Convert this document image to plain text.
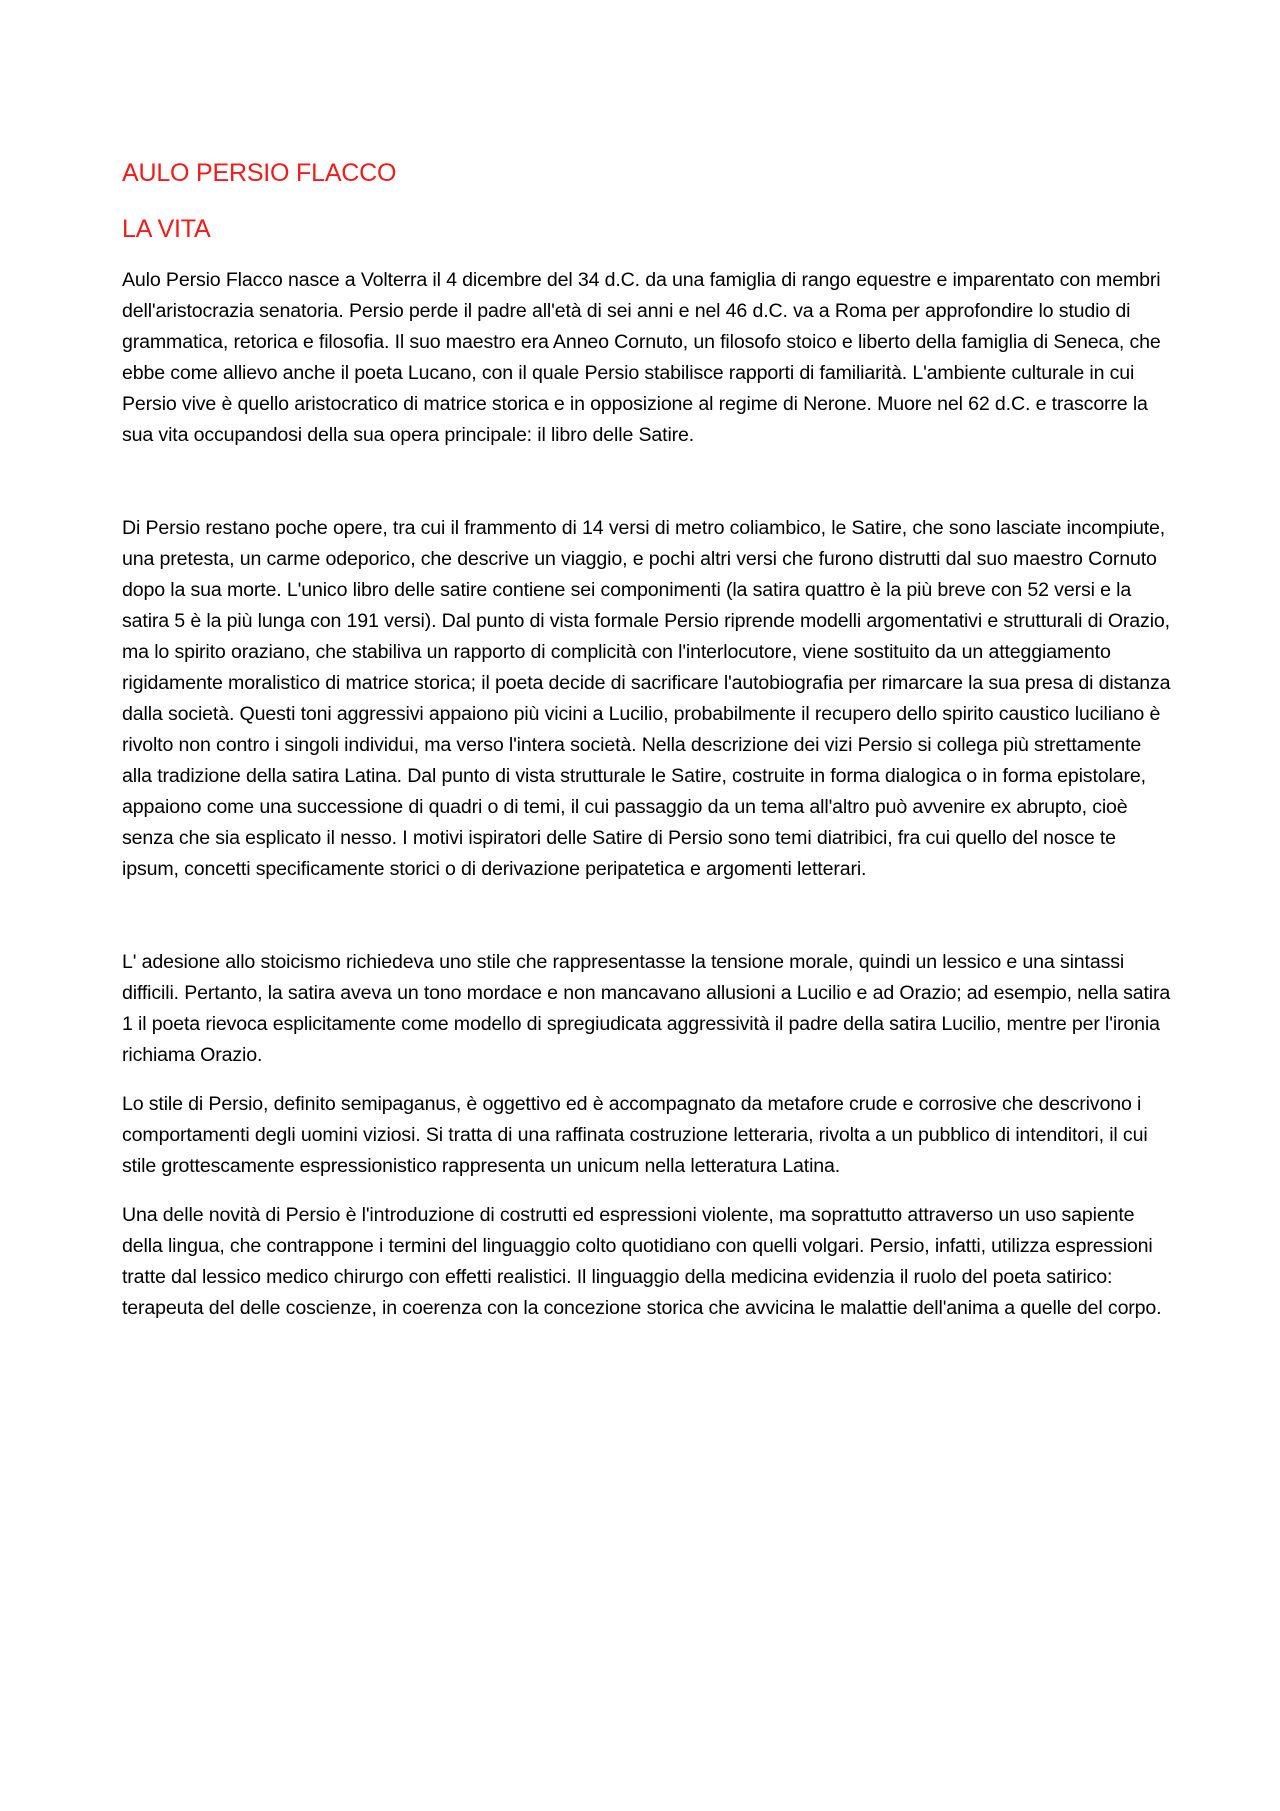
AULO PERSIO FLACCO
LA VITA

Aulo Persio Flacco nasce a Volterra il 4 dicembre del 34 d.C. da una famiglia di rango equestre e imparentato con membri dell'aristocrazia senatoria. Persio perde il padre all'età di sei anni e nel 46 d.C. va a Roma per approfondire lo studio di grammatica, retorica e filosofia. Il suo maestro era Anneo Cornuto, un filosofo stoico e liberto della famiglia di Seneca, che ebbe come allievo anche il poeta Lucano, con il quale Persio stabilisce rapporti di familiarità. L'ambiente culturale in cui Persio vive è quello aristocratico di matrice storica e in opposizione al regime di Nerone. Muore nel 62 d.C. e trascorre la sua vita occupandosi della sua opera principale: il libro delle Satire.

Di Persio restano poche opere, tra cui il frammento di 14 versi di metro coliambico, le Satire, che sono lasciate incompiute, una pretesta, un carme odeporico, che descrive un viaggio, e pochi altri versi che furono distrutti dal suo maestro Cornuto dopo la sua morte. L'unico libro delle satire contiene sei componimenti (la satira quattro è la più breve con 52 versi e la satira 5 è la più lunga con 191 versi). Dal punto di vista formale Persio riprende modelli argomentativi e strutturali di Orazio, ma lo spirito oraziano, che stabiliva un rapporto di complicità con l'interlocutore, viene sostituito da un atteggiamento rigidamente moralistico di matrice storica; il poeta decide di sacrificare l'autobiografia per rimarcare la sua presa di distanza dalla società. Questi toni aggressivi appaiono più vicini a Lucilio, probabilmente il recupero dello spirito caustico luciliano è rivolto non contro i singoli individui, ma verso l'intera società. Nella descrizione dei vizi Persio si collega più strettamente alla tradizione della satira Latina. Dal punto di vista strutturale le Satire, costruite in forma dialogica o in forma epistolare, appaiono come una successione di quadri o di temi, il cui passaggio da un tema all'altro può avvenire ex abrupto, cioè senza che sia esplicato il nesso. I motivi ispiratori delle Satire di Persio sono temi diatribici, fra cui quello del nosce te ipsum, concetti specificamente storici o di derivazione peripatetica e argomenti letterari.

L' adesione allo stoicismo richiedeva uno stile che rappresentasse la tensione morale, quindi un lessico e una sintassi difficili. Pertanto, la satira aveva un tono mordace e non mancavano allusioni a Lucilio e ad Orazio; ad esempio, nella satira 1 il poeta rievoca esplicitamente come modello di spregiudicata aggressività il padre della satira Lucilio, mentre per l'ironia richiama Orazio.

Lo stile di Persio, definito semipaganus, è oggettivo ed è accompagnato da metafore crude e corrosive che descrivono i comportamenti degli uomini viziosi. Si tratta di una raffinata costruzione letteraria, rivolta a un pubblico di intenditori, il cui stile grottescamente espressionistico rappresenta un unicum nella letteratura Latina.

Una delle novità di Persio è l'introduzione di costrutti ed espressioni violente, ma soprattutto attraverso un uso sapiente della lingua, che contrappone i termini del linguaggio colto quotidiano con quelli volgari. Persio, infatti, utilizza espressioni tratte dal lessico medico chirurgo con effetti realistici. Il linguaggio della medicina evidenzia il ruolo del poeta satirico: terapeuta del delle coscienze, in coerenza con la concezione storica che avvicina le malattie dell'anima a quelle del corpo.
